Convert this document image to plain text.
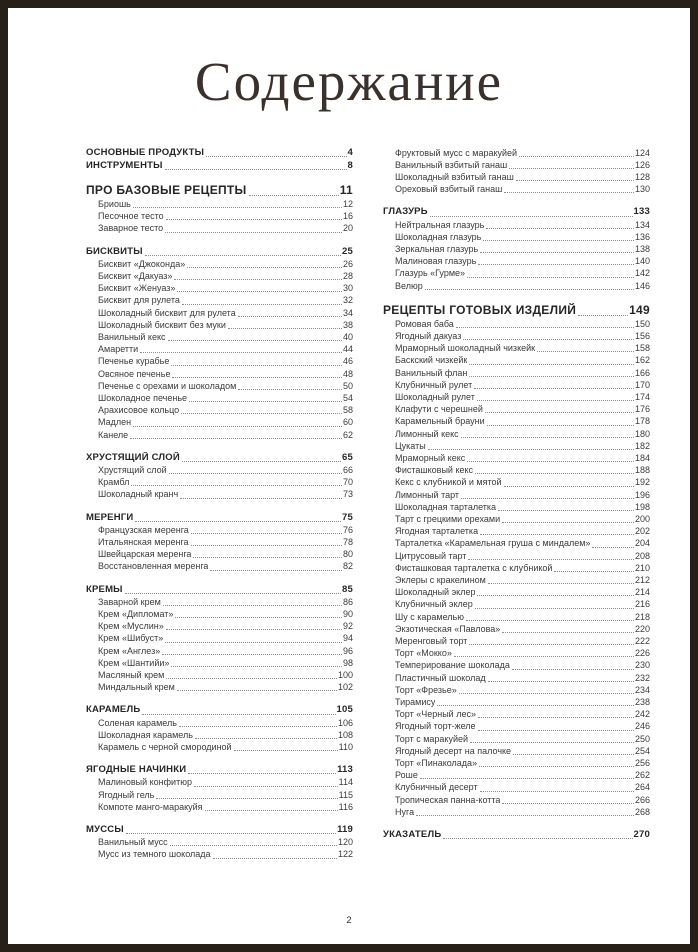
Содержание
ОСНОВНЫЕ ПРОДУКТЫ	4
ИНСТРУМЕНТЫ	8
ПРО БАЗОВЫЕ РЕЦЕПТЫ	11
Бриошь	12
Песочное тесто	16
Заварное тесто	20
БИСКВИТЫ	25
Бисквит «Джоконда»	26
Бисквит «Дакуаз»	28
Бисквит «Женуаз»	30
Бисквит для рулета	32
Шоколадный бисквит для рулета	34
Шоколадный бисквит без муки	38
Ванильный кекс	40
Амаретти	44
Печенье курабье	46
Овсяное печенье	48
Печенье с орехами и шоколадом	50
Шоколадное печенье	54
Арахисовое кольцо	58
Мадлен	60
Канеле	62
ХРУСТЯЩИЙ СЛОЙ	65
Хрустящий слой	66
Крамбл	70
Шоколадный кранч	73
МЕРЕНГИ	75
Французская меренга	76
Итальянская меренга	78
Швейцарская меренга	80
Восстановленная меренга	82
КРЕМЫ	85
Заварной крем	86
Крем «Дипломат»	90
Крем «Муслин»	92
Крем «Шибуст»	94
Крем «Англез»	96
Крем «Шантийи»	98
Масляный крем	100
Миндальный крем	102
КАРАМЕЛЬ	105
Соленая карамель	106
Шоколадная карамель	108
Карамель с черной смородиной	110
ЯГОДНЫЕ НАЧИНКИ	113
Малиновый конфитюр	114
Ягодный гель	115
Компоте манго-маракуйя	116
МУССЫ	119
Ванильный мусс	120
Мусс из темного шоколада	122
Фруктовый мусс с маракуйей	124
Ванильный взбитый ганаш	126
Шоколадный взбитый ганаш	128
Ореховый взбитый ганаш	130
ГЛАЗУРЬ	133
Нейтральная глазурь	134
Шоколадная глазурь	136
Зеркальная глазурь	138
Малиновая глазурь	140
Глазурь «Гурме»	142
Велюр	146
РЕЦЕПТЫ ГОТОВЫХ ИЗДЕЛИЙ	149
Ромовая баба	150
Ягодный дакуаз	156
Мраморный шоколадный чизкейк	158
Баскский чизкейк	162
Ванильный флан	166
Клубничный рулет	170
Шоколадный рулет	174
Клафути с черешней	176
Карамельный брауни	178
Лимонный кекс	180
Цукаты	182
Мраморный кекс	184
Фисташковый кекс	188
Кекс с клубникой и мятой	192
Лимонный тарт	196
Шоколадная тарталетка	198
Тарт с грецкими орехами	200
Ягодная тарталетка	202
Тарталетка «Карамельная груша с миндалем»	204
Цитрусовый тарт	208
Фисташковая тарталетка с клубникой	210
Эклеры с кракелином	212
Шоколадный эклер	214
Клубничный эклер	216
Шу с карамелью	218
Экзотическая «Павлова»	220
Меренговый торт	222
Торт «Мокко»	226
Темперирование шоколада	230
Пластичный шоколад	232
Торт «Фрезье»	234
Тирамису	238
Торт «Черный лес»	242
Ягодный торт-желе	246
Торт с маракуйей	250
Ягодный десерт на палочке	254
Торт «Пинаколада»	256
Роше	262
Клубничный десерт	264
Тропическая панна-котта	266
Нуга	268
УКАЗАТЕЛЬ	270
2
